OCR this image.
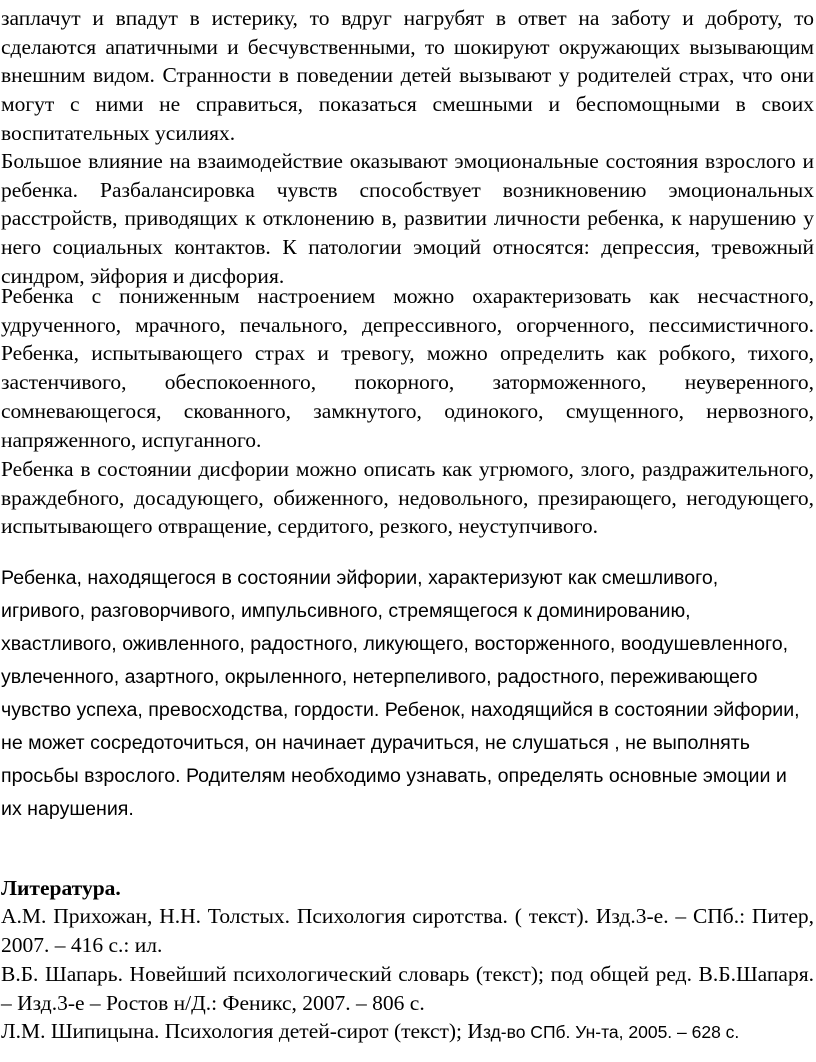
заплачут и впадут в истерику, то вдруг нагрубят в ответ на заботу и доброту, то сделаются апатичными и бесчувственными, то шокируют окружающих вызывающим внешним видом. Странности в поведении детей вызывают у родителей страх, что они могут с ними не справиться, показаться смешными и беспомощными в своих воспитательных усилиях.

Большое влияние на взаимодействие оказывают эмоциональные состояния взрослого и ребенка. Разбалансировка чувств способствует возникновению эмоциональных расстройств, приводящих к отклонению в, развитии личности ребенка, к нарушению у него социальных контактов. К патологии эмоций относятся: депрессия, тревожный синдром, эйфория и дисфория.

Ребенка с пониженным настроением можно охарактеризовать как несчастного, удрученного, мрачного, печального, депрессивного, огорченного, пессимистичного. Ребенка, испытывающего страх и тревогу, можно определить как робкого, тихого, застенчивого, обеспокоенного, покорного, заторможенного, неуверенного, сомневающегося, скованного, замкнутого, одинокого, смущенного, нервозного, напряженного, испуганного.

Ребенка в состоянии дисфории можно описать как угрюмого, злого, раздражительного, враждебного, досадующего, обиженного, недовольного, презирающего, негодующего, испытывающего отвращение, сердитого, резкого, неуступчивого.

Ребенка, находящегося в состоянии эйфории, характеризуют как смешливого, игривого, разговорчивого, импульсивного, стремящегося к доминированию, хвастливого, оживленного, радостного, ликующего, восторженного, воодушевленного, увлеченного, азартного, окрыленного, нетерпеливого, радостного, переживающего чувство успеха, превосходства, гордости. Ребенок, находящийся в состоянии эйфории, не может сосредоточиться, он начинает дурачиться, не слушаться , не выполнять просьбы взрослого. Родителям необходимо узнавать, определять основные эмоции и их нарушения.

Литература.

А.М. Прихожан, Н.Н. Толстых. Психология сиротства. ( текст). Изд.3-е. – СПб.: Питер, 2007. – 416 с.: ил.

В.Б. Шапарь. Новейший психологический словарь (текст); под общей ред. В.Б.Шапаря. – Изд.3-е – Ростов н/Д.: Феникс, 2007. – 806 с.

Л.М. Шипицына. Психология детей-сирот (текст); Изд-во СПб. Ун-та, 2005. – 628 с.
